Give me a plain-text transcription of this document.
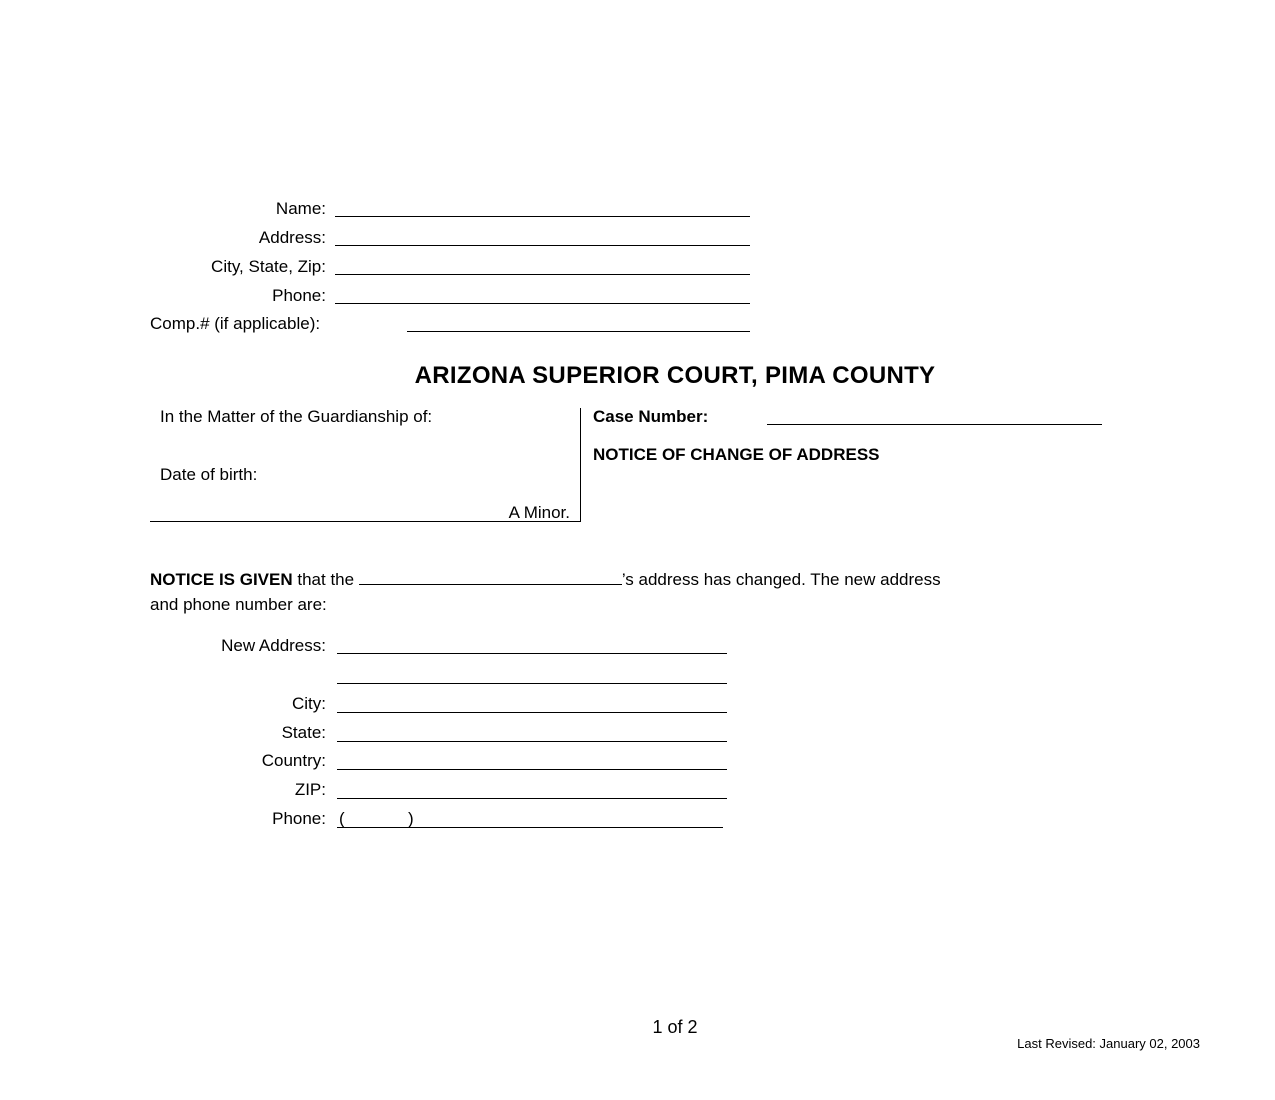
Name:
Address:
City, State, Zip:
Phone:
Comp.# (if applicable):
ARIZONA SUPERIOR COURT, PIMA COUNTY
In the Matter of the Guardianship of:
Date of birth:
A Minor.
Case Number:
NOTICE OF CHANGE OF ADDRESS
NOTICE IS GIVEN that the	’s address has changed. The new address
and phone number are:
New Address:
City:
State:
Country:
ZIP:
Phone: (	)
1 of 2
Last Revised: January 02, 2003
